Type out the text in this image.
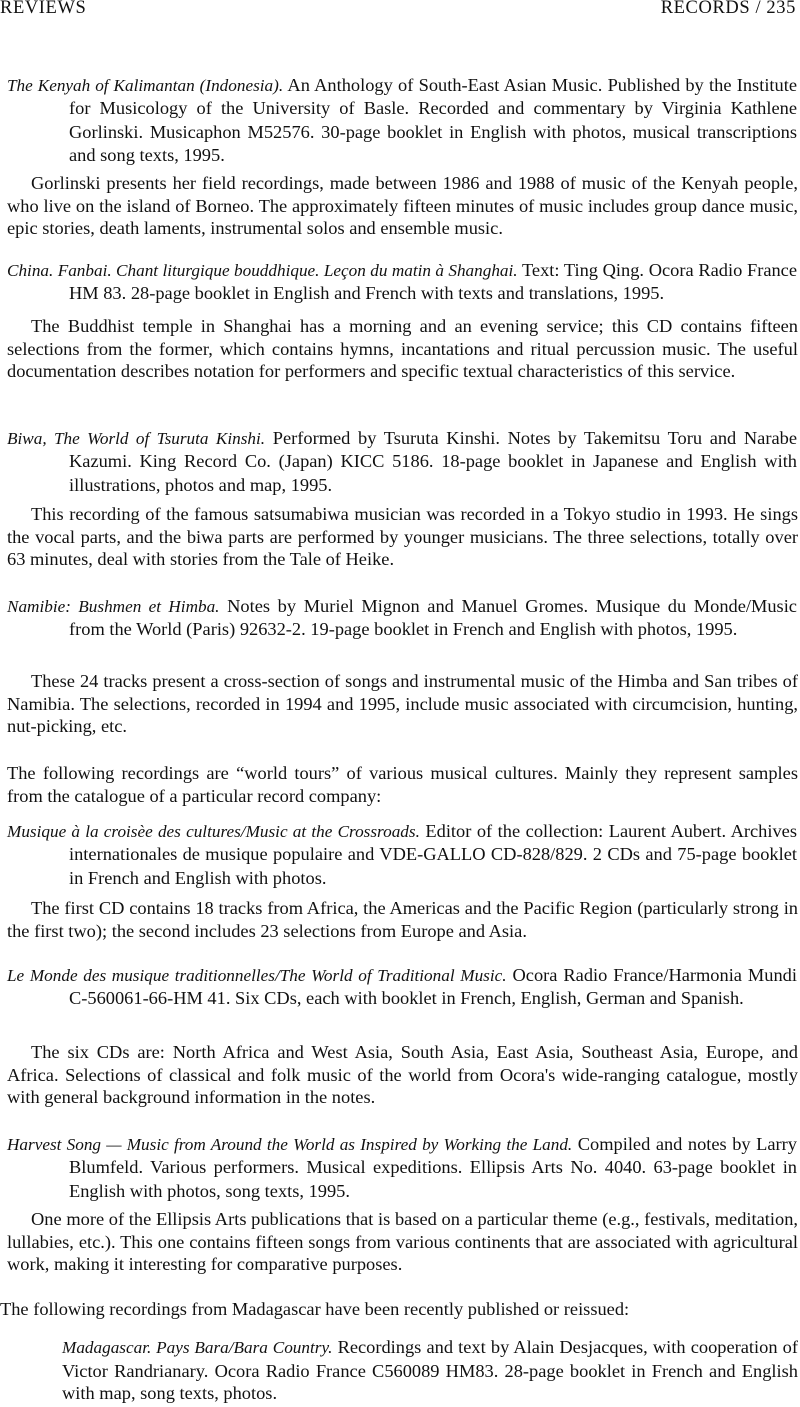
REVIEWS	RECORDS / 235
The Kenyah of Kalimantan (Indonesia). An Anthology of South-East Asian Music. Published by the Institute for Musicology of the University of Basle. Recorded and commentary by Virginia Kathlene Gorlinski. Musicaphon M52576. 30-page booklet in English with photos, musical transcriptions and song texts, 1995.
Gorlinski presents her field recordings, made between 1986 and 1988 of music of the Kenyah people, who live on the island of Borneo. The approximately fifteen minutes of music includes group dance music, epic stories, death laments, instrumental solos and ensemble music.
China. Fanbai. Chant liturgique bouddhique. Leçon du matin à Shanghai. Text: Ting Qing. Ocora Radio France HM 83. 28-page booklet in English and French with texts and translations, 1995.
The Buddhist temple in Shanghai has a morning and an evening service; this CD contains fifteen selections from the former, which contains hymns, incantations and ritual percussion music. The useful documentation describes notation for performers and specific textual characteristics of this service.
Biwa, The World of Tsuruta Kinshi. Performed by Tsuruta Kinshi. Notes by Takemitsu Toru and Narabe Kazumi. King Record Co. (Japan) KICC 5186. 18-page booklet in Japanese and English with illustrations, photos and map, 1995.
This recording of the famous satsumabiwa musician was recorded in a Tokyo studio in 1993. He sings the vocal parts, and the biwa parts are performed by younger musicians. The three selections, totally over 63 minutes, deal with stories from the Tale of Heike.
Namibie: Bushmen et Himba. Notes by Muriel Mignon and Manuel Gromes. Musique du Monde/Music from the World (Paris) 92632-2. 19-page booklet in French and English with photos, 1995.
These 24 tracks present a cross-section of songs and instrumental music of the Himba and San tribes of Namibia. The selections, recorded in 1994 and 1995, include music associated with circumcision, hunting, nut-picking, etc.
The following recordings are “world tours” of various musical cultures. Mainly they represent samples from the catalogue of a particular record company:
Musique à la croisèe des cultures/Music at the Crossroads. Editor of the collection: Laurent Aubert. Archives internationales de musique populaire and VDE-GALLO CD-828/829. 2 CDs and 75-page booklet in French and English with photos.
The first CD contains 18 tracks from Africa, the Americas and the Pacific Region (particularly strong in the first two); the second includes 23 selections from Europe and Asia.
Le Monde des musique traditionnelles/The World of Traditional Music. Ocora Radio France/Harmonia Mundi C-560061-66-HM 41. Six CDs, each with booklet in French, English, German and Spanish.
The six CDs are: North Africa and West Asia, South Asia, East Asia, Southeast Asia, Europe, and Africa. Selections of classical and folk music of the world from Ocora's wide-ranging catalogue, mostly with general background information in the notes.
Harvest Song — Music from Around the World as Inspired by Working the Land. Compiled and notes by Larry Blumfeld. Various performers. Musical expeditions. Ellipsis Arts No. 4040. 63-page booklet in English with photos, song texts, 1995.
One more of the Ellipsis Arts publications that is based on a particular theme (e.g., festivals, meditation, lullabies, etc.). This one contains fifteen songs from various continents that are associated with agricultural work, making it interesting for comparative purposes.
The following recordings from Madagascar have been recently published or reissued:
Madagascar. Pays Bara/Bara Country. Recordings and text by Alain Desjacques, with cooperation of Victor Randrianary. Ocora Radio France C560089 HM83. 28-page booklet in French and English with map, song texts, photos.
